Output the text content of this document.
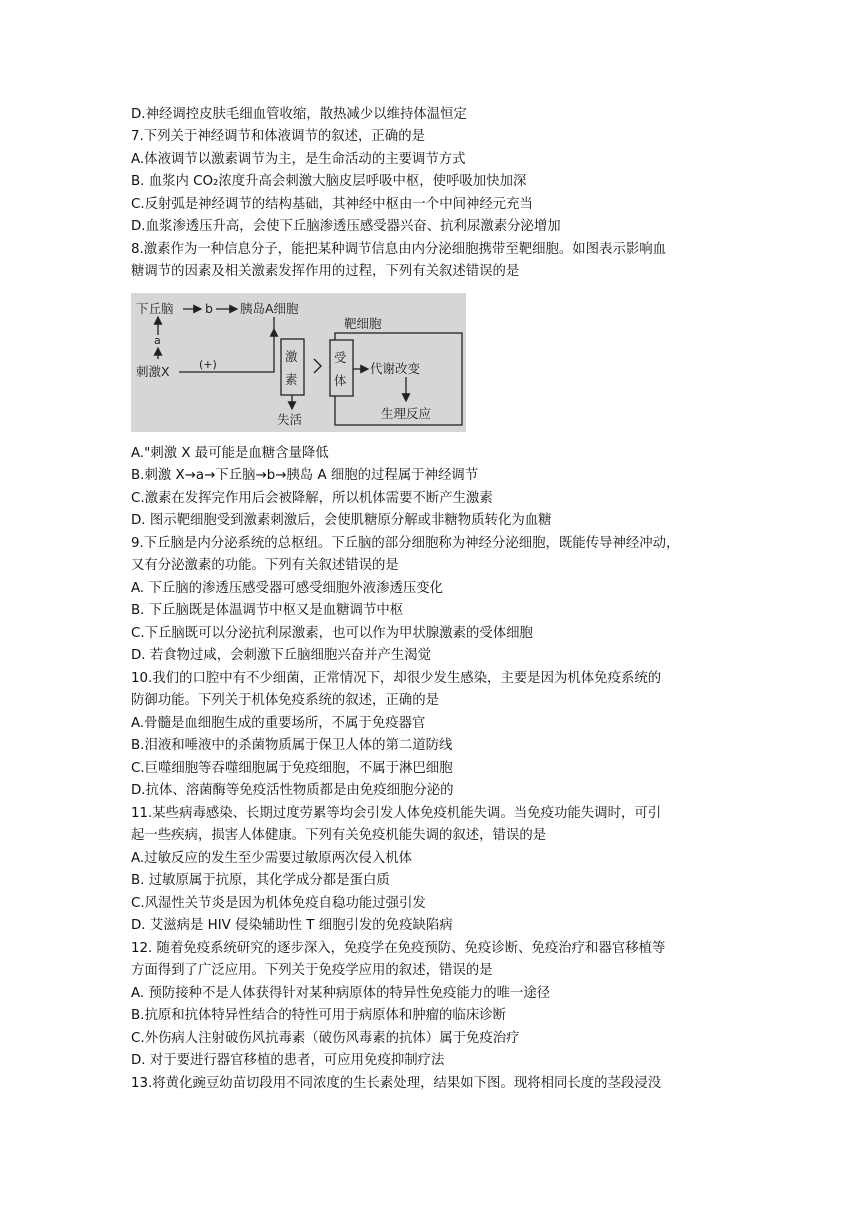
D.神经调控皮肤毛细血管收缩，散热减少以维持体温恒定
7.下列关于神经调节和体液调节的叙述，正确的是
A.体液调节以激素调节为主，是生命活动的主要调节方式
B. 血浆内 CO₂浓度升高会刺激大脑皮层呼吸中枢，使呼吸加快加深
C.反射弧是神经调节的结构基础，其神经中枢由一个中间神经元充当
D.血浆渗透压升高，会使下丘脑渗透压感受器兴奋、抗利尿激素分泌增加
8.激素作为一种信息分子，能把某种调节信息由内分泌细胞携带至靶细胞。如图表示影响血
糖调节的因素及相关激素发挥作用的过程，下列有关叙述错误的是
下丘脑	b 胰岛A细胞
a
刺激X	(+)
激
素
失活
靶细胞
受
体
代谢改变
生理反应
A."刺激 X 最可能是血糖含量降低
B.刺激 X→a→下丘脑→b→胰岛 A 细胞的过程属于神经调节
C.激素在发挥完作用后会被降解，所以机体需要不断产生激素
D. 图示靶细胞受到激素刺激后，会使肌糖原分解或非糖物质转化为血糖
9.下丘脑是内分泌系统的总枢纽。下丘脑的部分细胞称为神经分泌细胞，既能传导神经冲动，
又有分泌激素的功能。下列有关叙述错误的是
A. 下丘脑的渗透压感受器可感受细胞外液渗透压变化
B. 下丘脑既是体温调节中枢又是血糖调节中枢
C.下丘脑既可以分泌抗利尿激素，也可以作为甲状腺激素的受体细胞
D. 若食物过咸，会刺激下丘脑细胞兴奋并产生渴觉
10.我们的口腔中有不少细菌，正常情况下，却很少发生感染，主要是因为机体免疫系统的
防御功能。下列关于机体免疫系统的叙述，正确的是
A.骨髓是血细胞生成的重要场所，不属于免疫器官
B.泪液和唾液中的杀菌物质属于保卫人体的第二道防线
C.巨噬细胞等吞噬细胞属于免疫细胞，不属于淋巴细胞
D.抗体、溶菌酶等免疫活性物质都是由免疫细胞分泌的
11.某些病毒感染、长期过度劳累等均会引发人体免疫机能失调。当免疫功能失调时，可引
起一些疾病，损害人体健康。下列有关免疫机能失调的叙述，错误的是
A.过敏反应的发生至少需要过敏原两次侵入机体
B. 过敏原属于抗原，其化学成分都是蛋白质
C.风湿性关节炎是因为机体免疫自稳功能过强引发
D. 艾滋病是 HIV 侵染辅助性 T 细胞引发的免疫缺陷病
12. 随着免疫系统研究的逐步深入，免疫学在免疫预防、免疫诊断、免疫治疗和器官移植等
方面得到了广泛应用。下列关于免疫学应用的叙述，错误的是
A. 预防接种不是人体获得针对某种病原体的特异性免疫能力的唯一途径
B.抗原和抗体特异性结合的特性可用于病原体和肿瘤的临床诊断
C.外伤病人注射破伤风抗毒素（破伤风毒素的抗体）属于免疫治疗
D. 对于要进行器官移植的患者，可应用免疫抑制疗法
13.将黄化豌豆幼苗切段用不同浓度的生长素处理，结果如下图。现将相同长度的茎段浸没
